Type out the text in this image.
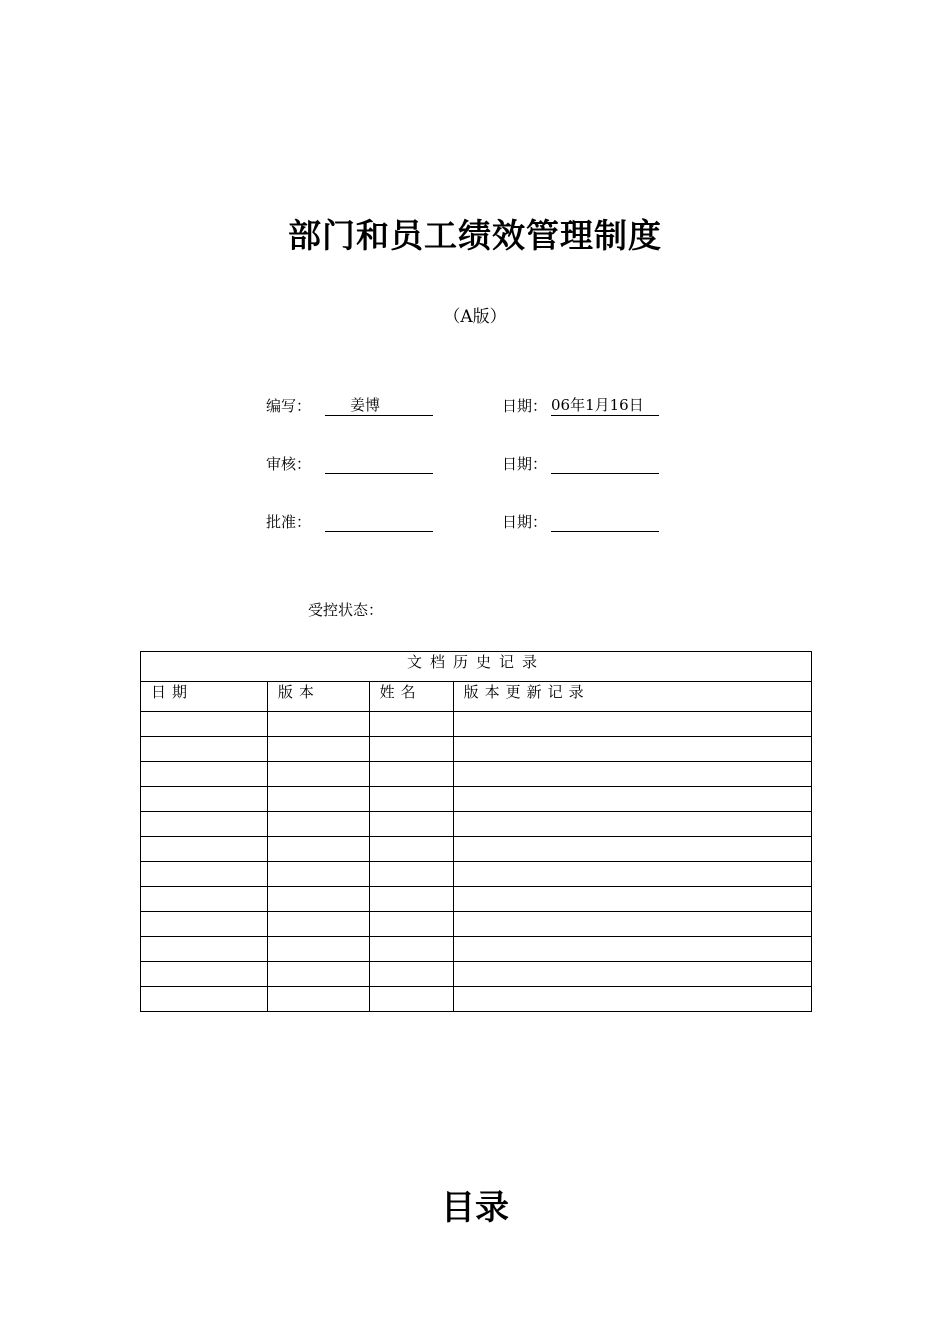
部门和员工绩效管理制度
（A版）
编写：	姜博	日期： 06年1月16日
审核：	日期：
批准：	日期：
受控状态：
文档历史记录			
日期	版本	姓名	版本更新记录

目录
